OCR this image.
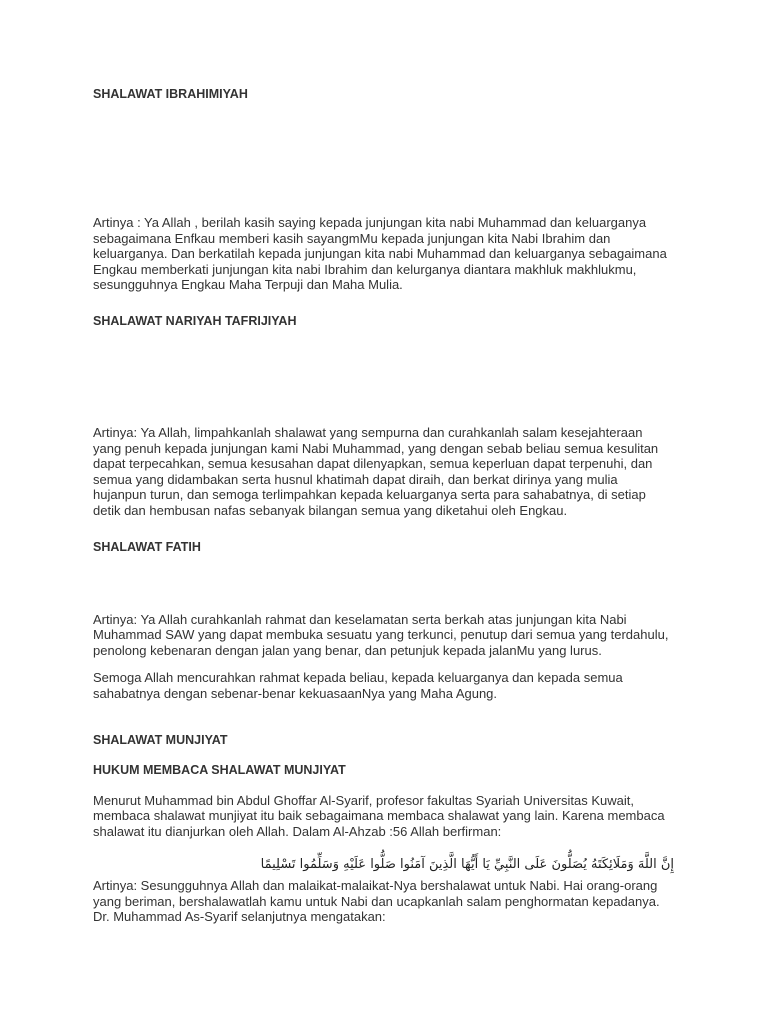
SHALAWAT IBRAHIMIYAH

Artinya : Ya Allah , berilah kasih saying kepada junjungan kita nabi Muhammad dan keluarganya sebagaimana Enfkau memberi kasih sayangmMu kepada junjungan kita Nabi Ibrahim dan keluarganya. Dan berkatilah kepada junjungan kita nabi Muhammad dan keluarganya sebagaimana Engkau memberkati junjungan kita nabi Ibrahim dan kelurganya diantara makhluk makhlukmu, sesungguhnya Engkau Maha Terpuji dan Maha Mulia.

SHALAWAT NARIYAH TAFRIJIYAH

Artinya: Ya Allah, limpahkanlah shalawat yang sempurna dan curahkanlah salam kesejahteraan yang penuh kepada junjungan kami Nabi Muhammad, yang dengan sebab beliau semua kesulitan dapat terpecahkan, semua kesusahan dapat dilenyapkan, semua keperluan dapat terpenuhi, dan semua yang didambakan serta husnul khatimah dapat diraih, dan berkat dirinya yang mulia hujanpun turun, dan semoga terlimpahkan kepada keluarganya serta para sahabatnya, di setiap detik dan hembusan nafas sebanyak bilangan semua yang diketahui oleh Engkau.

SHALAWAT FATIH

Artinya: Ya Allah curahkanlah rahmat dan keselamatan serta berkah atas junjungan kita Nabi Muhammad SAW yang dapat membuka sesuatu yang terkunci, penutup dari semua yang terdahulu, penolong kebenaran dengan jalan yang benar, dan petunjuk kepada jalanMu yang lurus.

Semoga Allah mencurahkan rahmat kepada beliau, kepada keluarganya dan kepada semua sahabatnya dengan sebenar-benar kekuasaanNya yang Maha Agung.

SHALAWAT MUNJIYAT
HUKUM MEMBACA SHALAWAT MUNJIYAT

Menurut Muhammad bin Abdul Ghoffar Al-Syarif, profesor fakultas Syariah Universitas Kuwait, membaca shalawat munjiyat itu baik sebagaimana membaca shalawat yang lain. Karena membaca shalawat itu dianjurkan oleh Allah. Dalam Al-Ahzab :56 Allah berfirman:

إِنَّ اللَّهَ وَمَلَائِكَتَهُ يُصَلُّونَ عَلَى النَّبِيِّ يَا أَيُّهَا الَّذِينَ آمَنُوا صَلُّوا عَلَيْهِ وَسَلِّمُوا تَسْلِيمًا

Artinya: Sesungguhnya Allah dan malaikat-malaikat-Nya bershalawat untuk Nabi. Hai orang-orang yang beriman, bershalawatlah kamu untuk Nabi dan ucapkanlah salam penghormatan kepadanya. Dr. Muhammad As-Syarif selanjutnya mengatakan:
